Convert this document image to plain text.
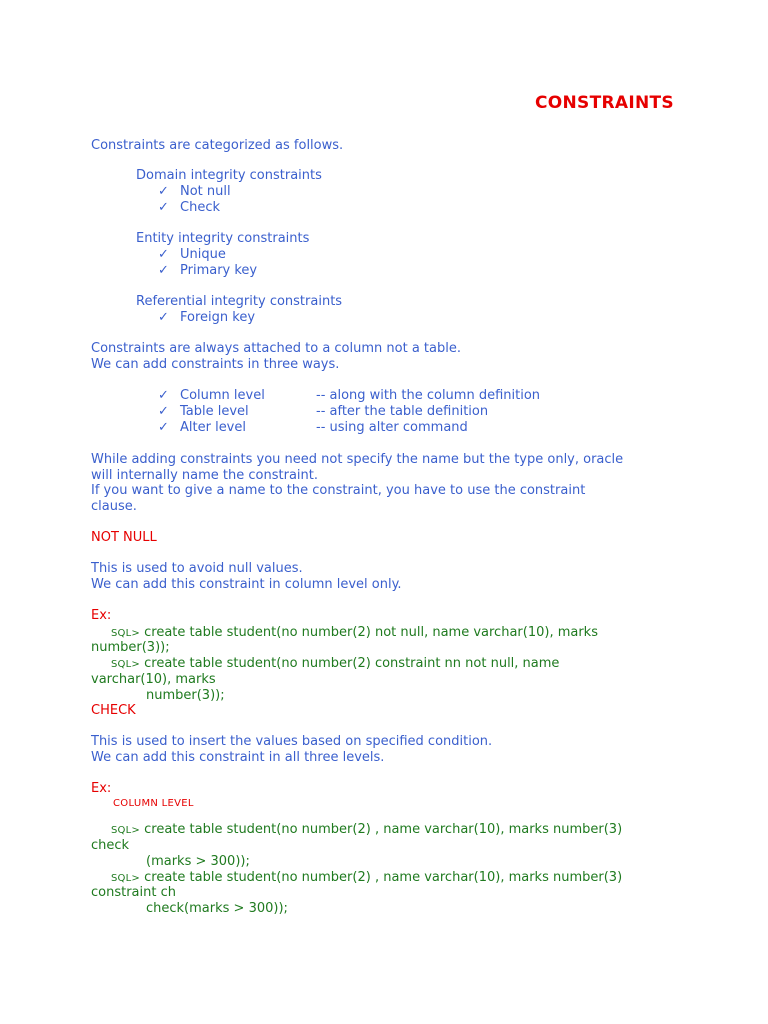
CONSTRAINTS
Constraints are categorized as follows.
Domain integrity constraints
✓ Not null
✓ Check
Entity integrity constraints
✓ Unique
✓ Primary key
Referential integrity constraints
✓ Foreign key
Constraints are always attached to a column not a table.
We can add constraints in three ways.
✓ Column level	-- along with the column definition
✓ Table level	-- after the table definition
✓ Alter level	-- using alter command
While adding constraints you need not specify the name but the type only, oracle
will internally name the constraint.
If you want to give a name to the constraint, you have to use the constraint
clause.
NOT NULL
This is used to avoid null values.
We can add this constraint in column level only.
Ex:
SQL> create table student(no number(2) not null, name varchar(10), marks
number(3));
SQL> create table student(no number(2) constraint nn not null, name
varchar(10), marks
number(3));
CHECK
This is used to insert the values based on specified condition.
We can add this constraint in all three levels.
Ex:
COLUMN LEVEL
SQL> create table student(no number(2) , name varchar(10), marks number(3)
check
(marks > 300));
SQL> create table student(no number(2) , name varchar(10), marks number(3)
constraint ch
check(marks > 300));
